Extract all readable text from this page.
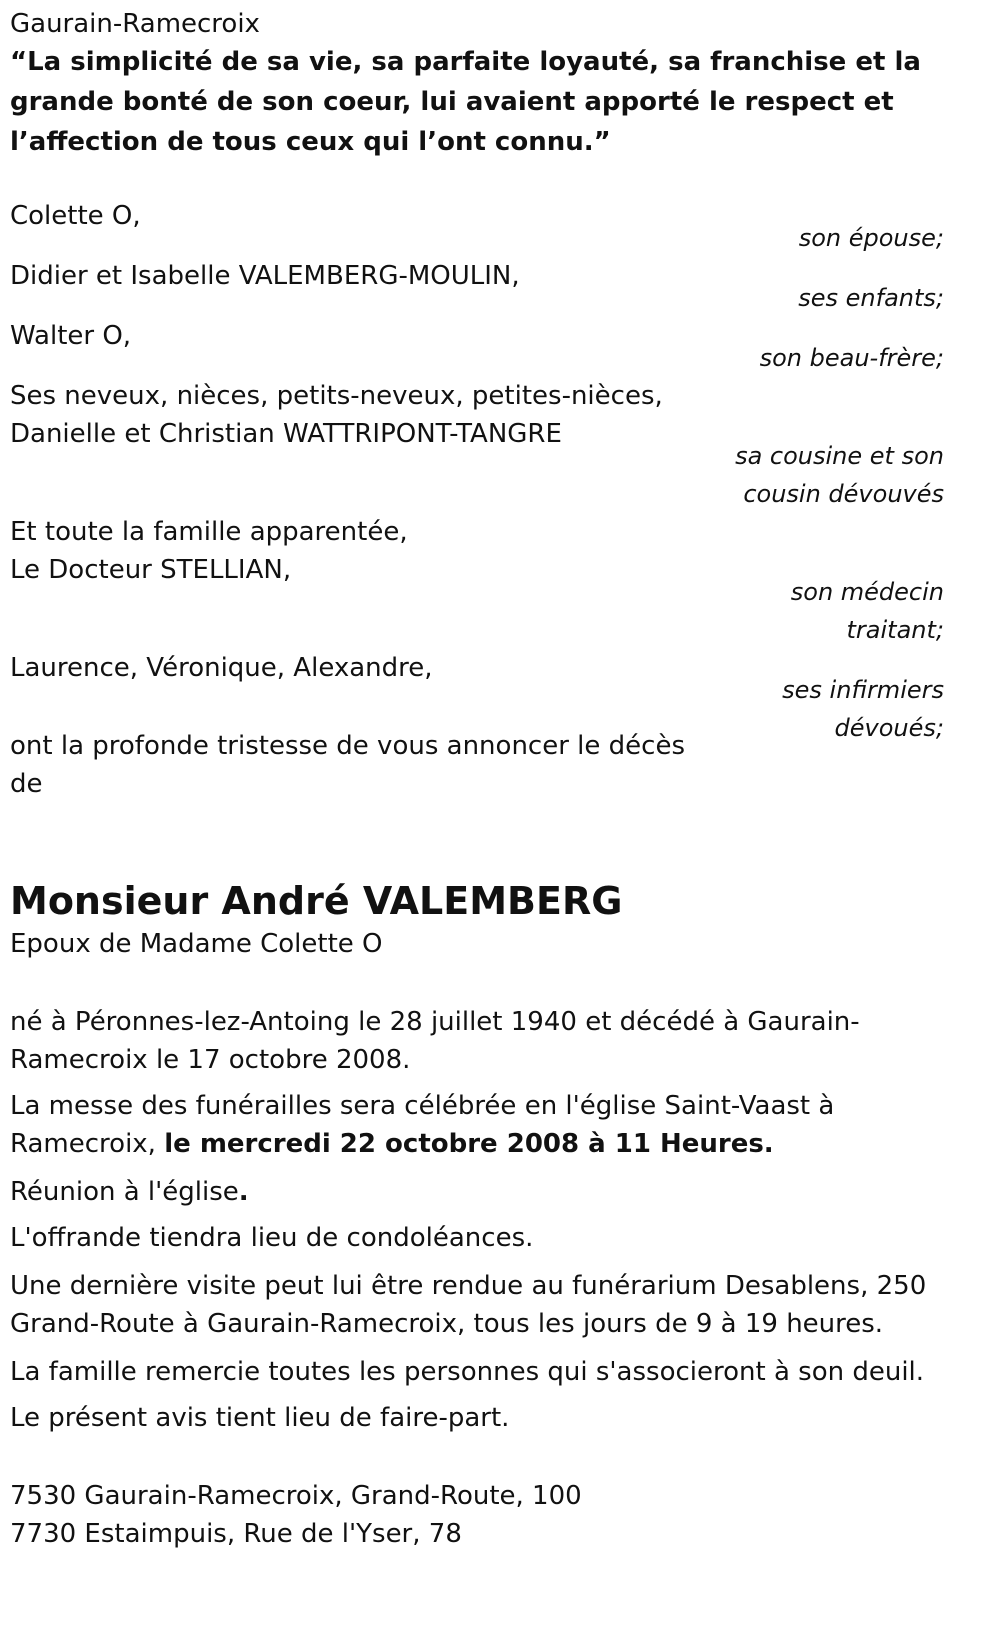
Gaurain-Ramecroix

“La simplicité de sa vie, sa parfaite loyauté, sa franchise et la grande bonté de son coeur, lui avaient apporté le respect et l’affection de tous ceux qui l’ont connu.”

Colette O,

Didier et Isabelle VALEMBERG-MOULIN,

Walter O,

Ses neveux, nièces, petits-neveux, petites-nièces,

Danielle et Christian WATTRIPONT-TANGRE

Et toute la famille apparentée,

Le Docteur STELLIAN,

Laurence, Véronique, Alexandre,

son épouse;

ses enfants;

son beau-frère;

sa cousine et son

cousin dévouvés

son médecin

traitant;

ses infirmiers

dévoués;

ont la profonde tristesse de vous annoncer le décès

de

Monsieur André VALEMBERG

Epoux de Madame Colette O

né à Péronnes-lez-Antoing le 28 juillet 1940 et décédé à Gaurain-

Ramecroix le 17 octobre 2008.

La messe des funérailles sera célébrée en l'église Saint-Vaast à

Ramecroix, le mercredi 22 octobre 2008 à 11 Heures.

Réunion à l'église.

L'offrande tiendra lieu de condoléances.

Une dernière visite peut lui être rendue au funérarium Desablens, 250

Grand-Route à Gaurain-Ramecroix, tous les jours de 9 à 19 heures.

La famille remercie toutes les personnes qui s'associeront à son deuil.

Le présent avis tient lieu de faire-part.

7530 Gaurain-Ramecroix, Grand-Route, 100

7730 Estaimpuis, Rue de l'Yser, 78
